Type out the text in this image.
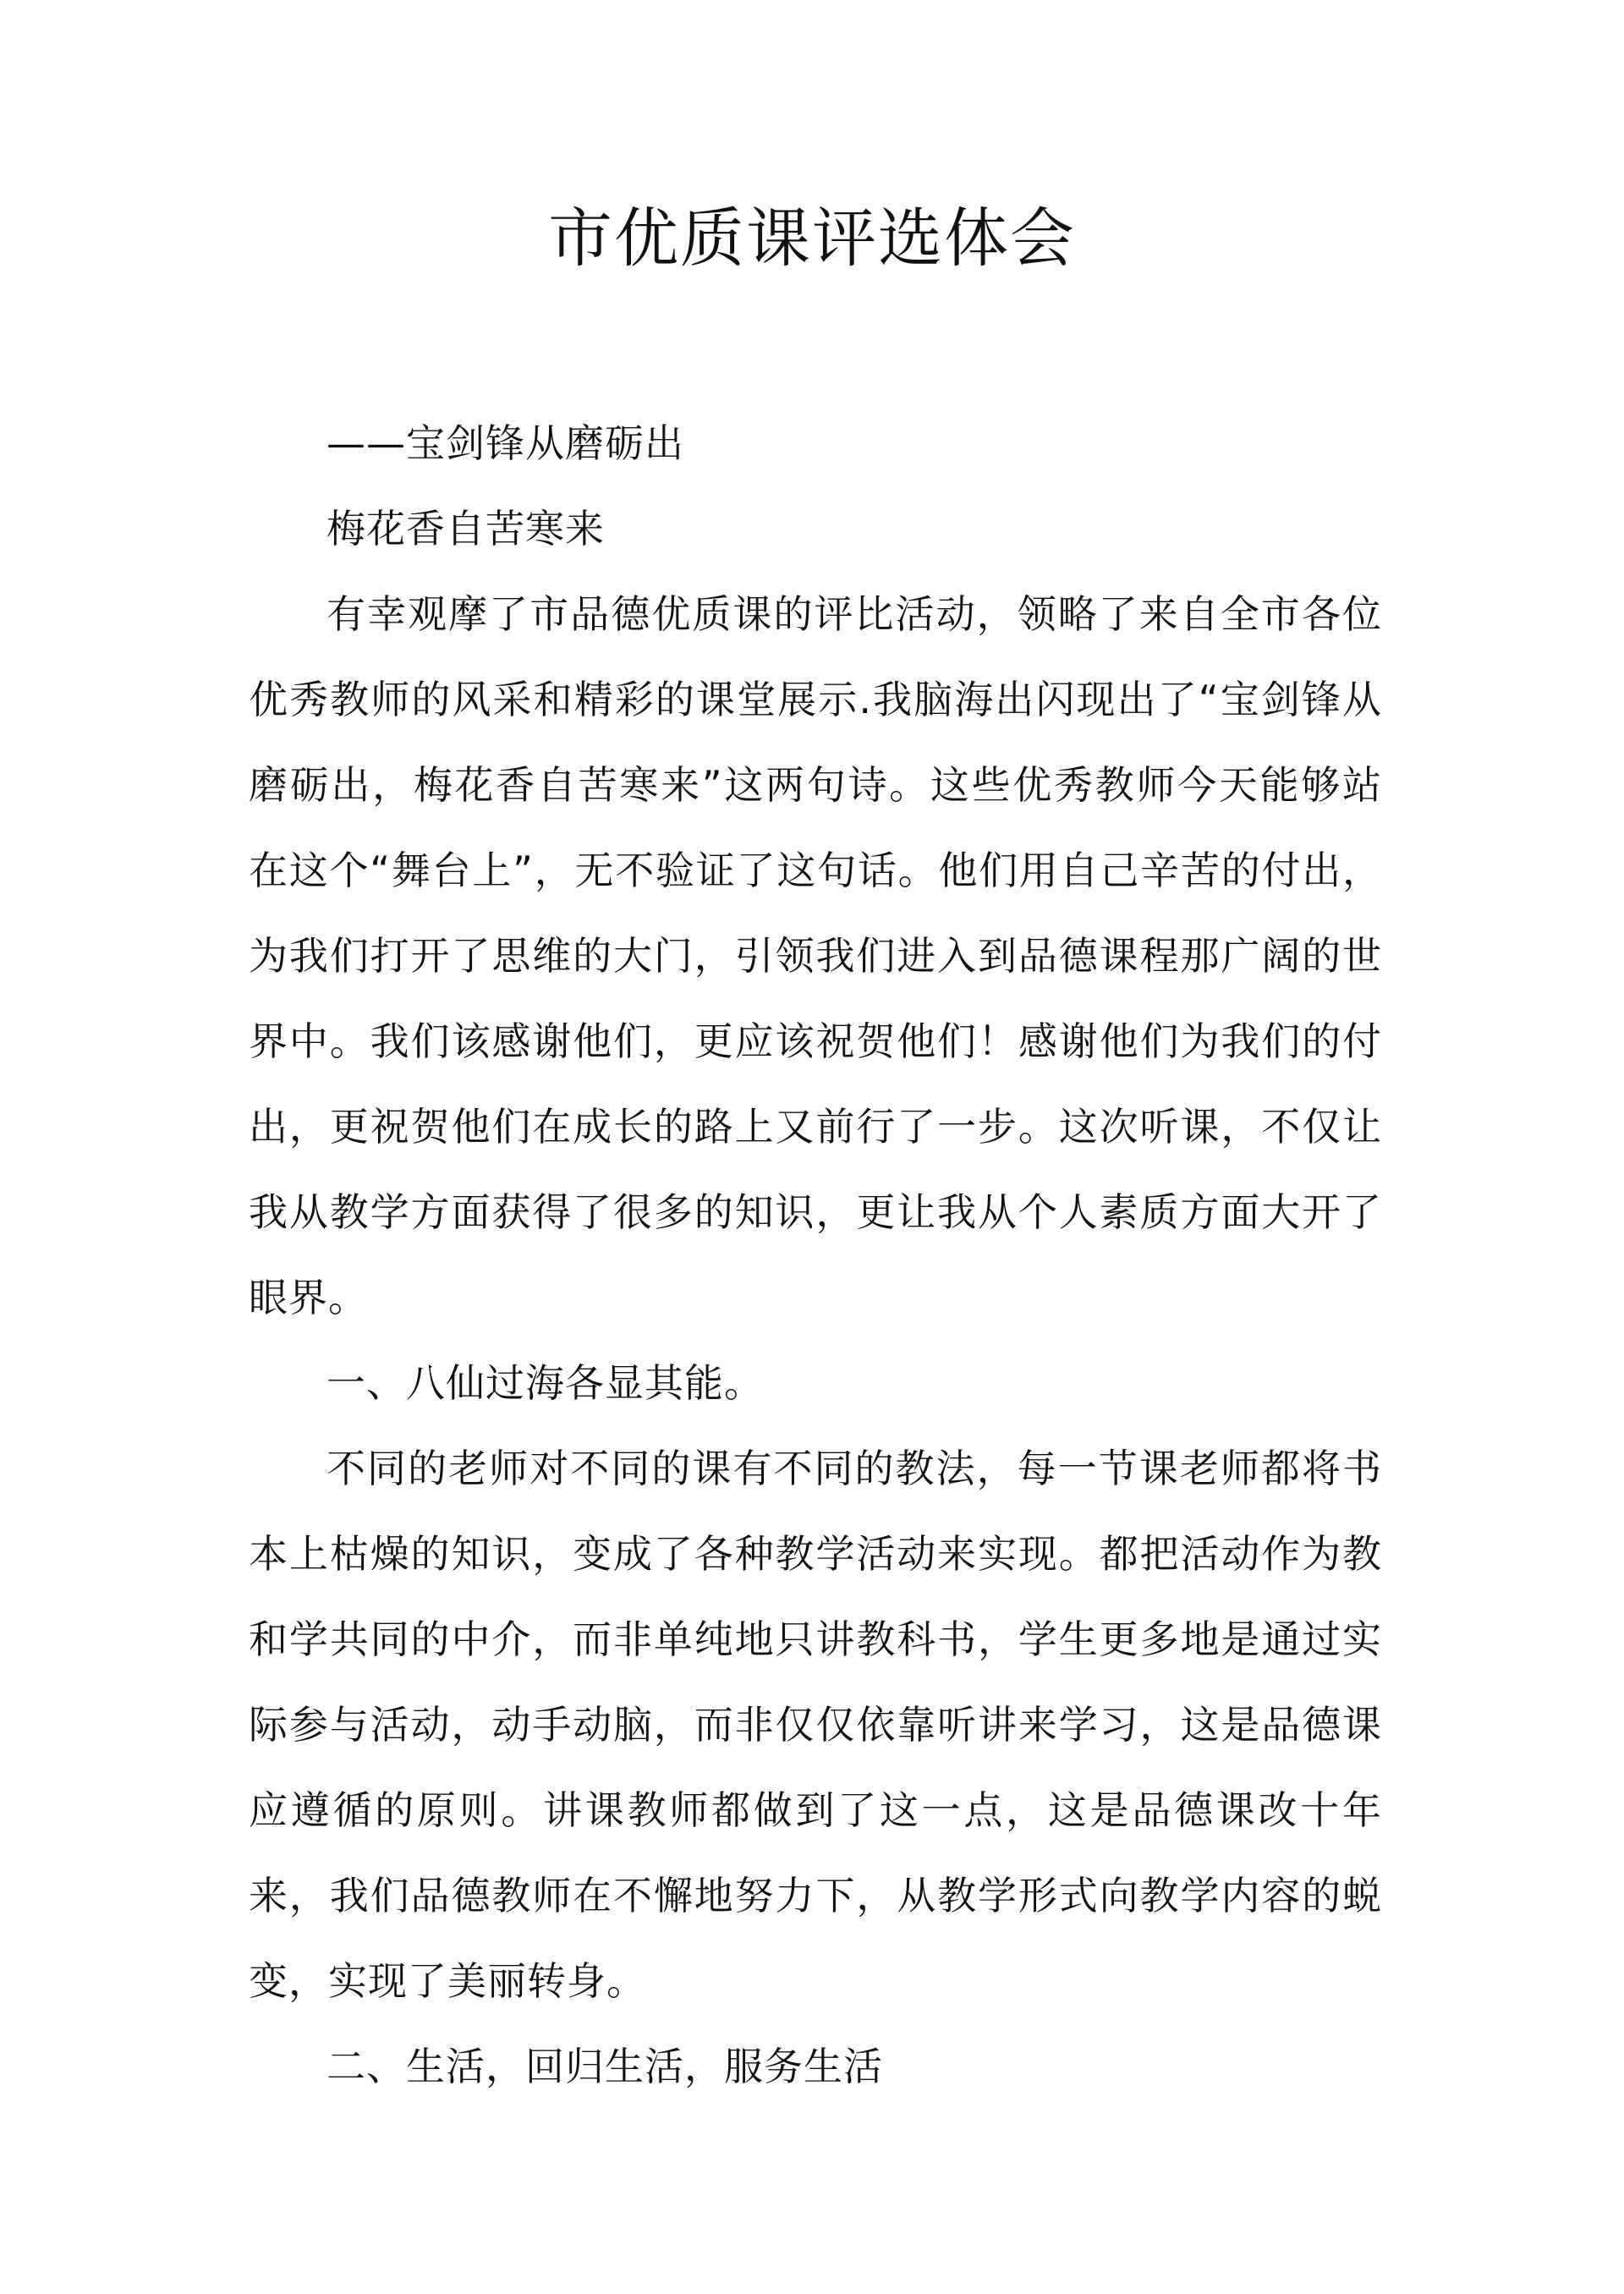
市优质课评选体会

——宝剑锋从磨砺出

梅花香自苦寒来

有幸观摩了市品德优质课的评比活动，领略了来自全市各位优秀教师的风采和精彩的课堂展示.我脑海出闪现出了“宝剑锋从磨砺出，梅花香自苦寒来”这两句诗。这些优秀教师今天能够站在这个“舞台上”，无不验证了这句话。他们用自己辛苦的付出，为我们打开了思维的大门，引领我们进入到品德课程那广阔的世界中。我们该感谢他们，更应该祝贺他们！感谢他们为我们的付出，更祝贺他们在成长的路上又前行了一步。这次听课，不仅让我从教学方面获得了很多的知识，更让我从个人素质方面大开了眼界。

一、八仙过海各显其能。

不同的老师对不同的课有不同的教法，每一节课老师都将书本上枯燥的知识，变成了各种教学活动来实现。都把活动作为教和学共同的中介，而非单纯地只讲教科书，学生更多地是通过实际参与活动，动手动脑，而非仅仅依靠听讲来学习，这是品德课应遵循的原则。讲课教师都做到了这一点，这是品德课改十年来，我们品德教师在不懈地努力下，从教学形式向教学内容的蜕变，实现了美丽转身。

二、生活，回归生活，服务生活
